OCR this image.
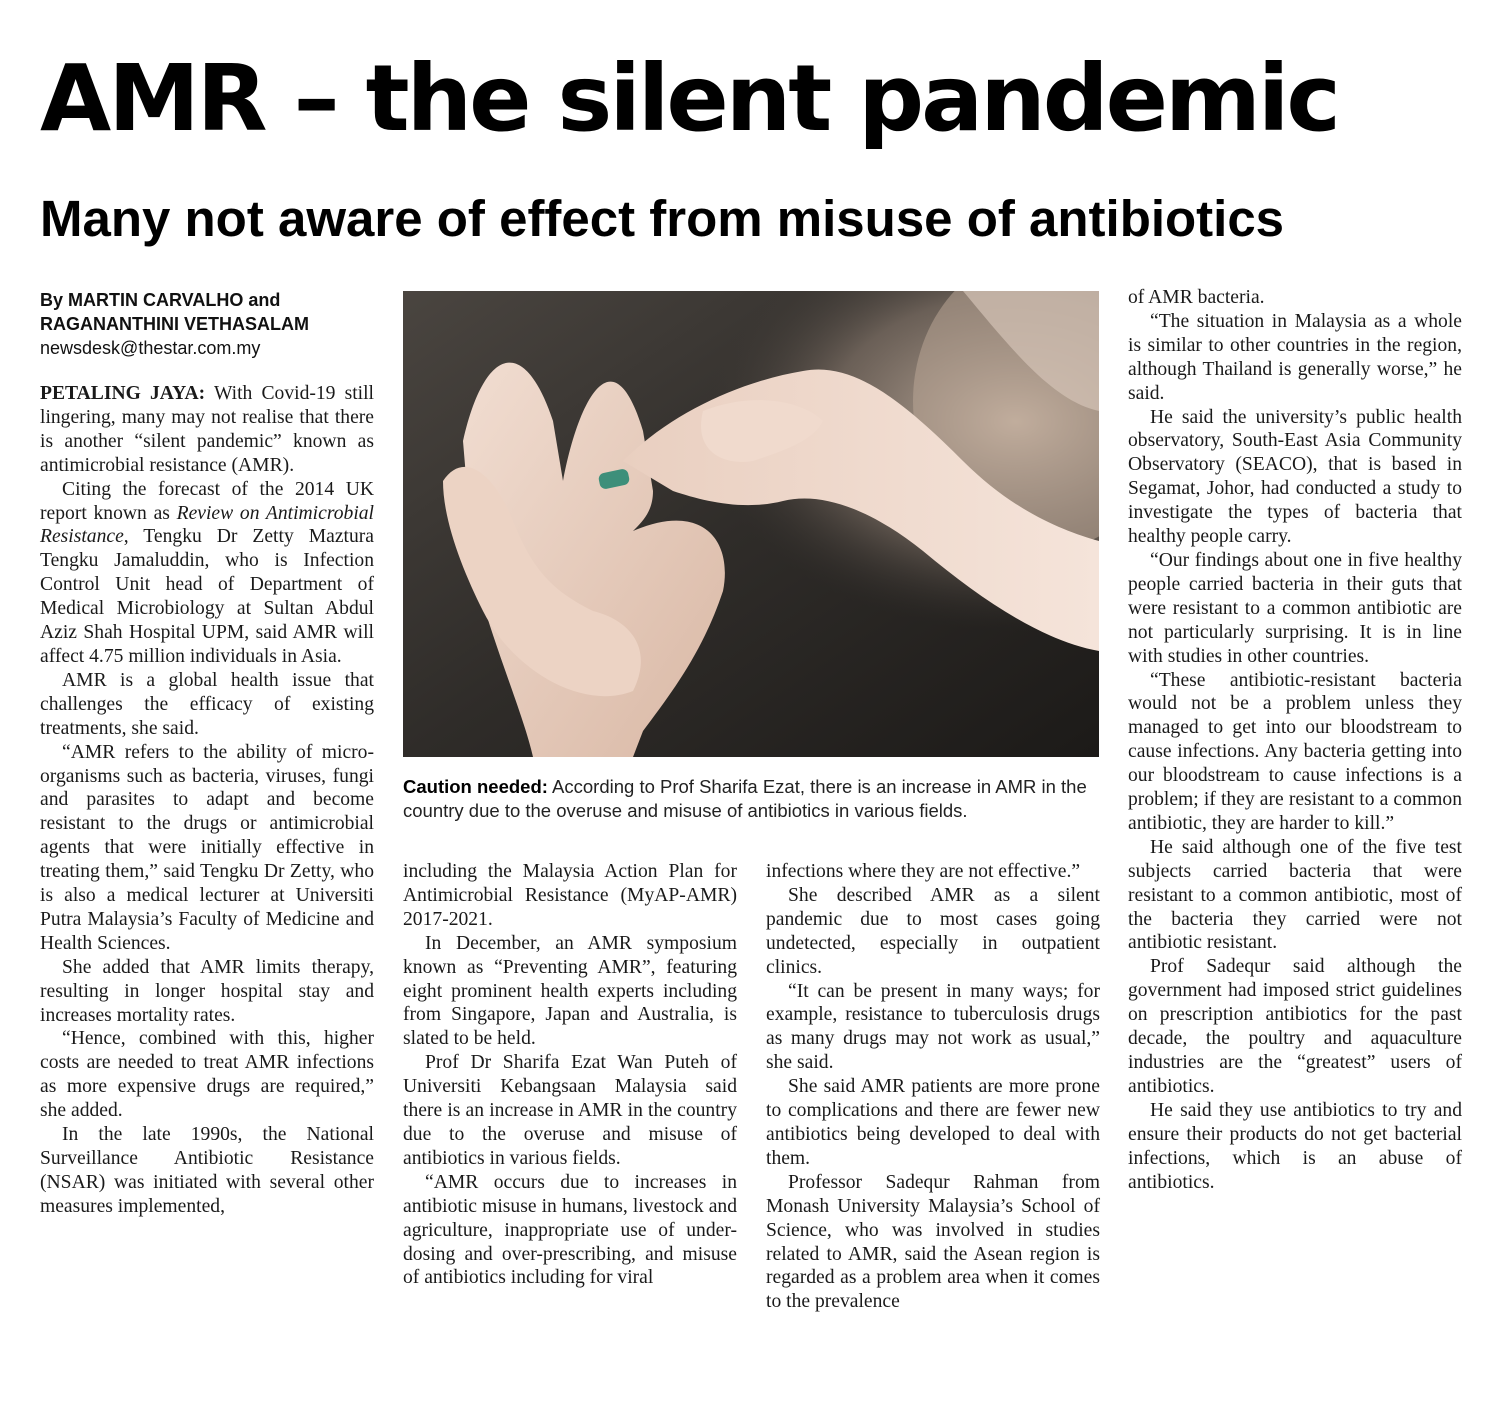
AMR – the silent pandemic
Many not aware of effect from misuse of antibiotics
By MARTIN CARVALHO and RAGANANTHINI VETHASALAM
newsdesk@thestar.com.my

PETALING JAYA: With Covid-19 still lingering, many may not realise that there is another “silent pandemic” known as antimicrobial resistance (AMR).

Citing the forecast of the 2014 UK report known as Review on Antimicrobial Resistance, Tengku Dr Zetty Maztura Tengku Jamaluddin, who is Infection Control Unit head of Department of Medical Microbiology at Sultan Abdul Aziz Shah Hospital UPM, said AMR will affect 4.75 million individuals in Asia.

AMR is a global health issue that challenges the efficacy of existing treatments, she said.

“AMR refers to the ability of micro-organisms such as bacteria, viruses, fungi and parasites to adapt and become resistant to the drugs or antimicrobial agents that were initially effective in treating them,” said Tengku Dr Zetty, who is also a medical lecturer at Universiti Putra Malaysia’s Faculty of Medicine and Health Sciences.

She added that AMR limits therapy, resulting in longer hospital stay and increases mortality rates.

“Hence, combined with this, higher costs are needed to treat AMR infections as more expensive drugs are required,” she added.

In the late 1990s, the National Surveillance Antibiotic Resistance (NSAR) was initiated with several other measures implemented,

Caution needed: According to Prof Sharifa Ezat, there is an increase in AMR in the country due to the overuse and misuse of antibiotics in various fields.

including the Malaysia Action Plan for Antimicrobial Resistance (MyAP-AMR) 2017-2021.

In December, an AMR symposium known as “Preventing AMR”, featuring eight prominent health experts including from Singapore, Japan and Australia, is slated to be held.

Prof Dr Sharifa Ezat Wan Puteh of Universiti Kebangsaan Malaysia said there is an increase in AMR in the country due to the overuse and misuse of antibiotics in various fields.

“AMR occurs due to increases in antibiotic misuse in humans, livestock and agriculture, inappropriate use of under-dosing and over-prescribing, and misuse of antibiotics including for viral

infections where they are not effective.”

She described AMR as a silent pandemic due to most cases going undetected, especially in outpatient clinics.

“It can be present in many ways; for example, resistance to tuberculosis drugs as many drugs may not work as usual,” she said.

She said AMR patients are more prone to complications and there are fewer new antibiotics being developed to deal with them.

Professor Sadequr Rahman from Monash University Malaysia’s School of Science, who was involved in studies related to AMR, said the Asean region is regarded as a problem area when it comes to the prevalence

of AMR bacteria.

“The situation in Malaysia as a whole is similar to other countries in the region, although Thailand is generally worse,” he said.

He said the university’s public health observatory, South-East Asia Community Observatory (SEACO), that is based in Segamat, Johor, had conducted a study to investigate the types of bacteria that healthy people carry.

“Our findings about one in five healthy people carried bacteria in their guts that were resistant to a common antibiotic are not particularly surprising. It is in line with studies in other countries.

“These antibiotic-resistant bacteria would not be a problem unless they managed to get into our bloodstream to cause infections. Any bacteria getting into our bloodstream to cause infections is a problem; if they are resistant to a common antibiotic, they are harder to kill.”

He said although one of the five test subjects carried bacteria that were resistant to a common antibiotic, most of the bacteria they carried were not antibiotic resistant.

Prof Sadequr said although the government had imposed strict guidelines on prescription antibiotics for the past decade, the poultry and aquaculture industries are the “greatest” users of antibiotics.

He said they use antibiotics to try and ensure their products do not get bacterial infections, which is an abuse of antibiotics.
